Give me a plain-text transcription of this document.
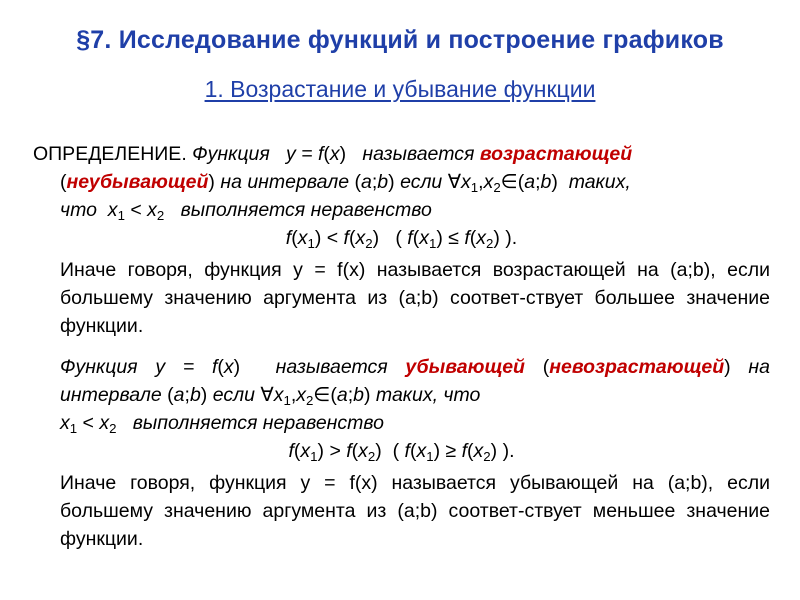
§7. Исследование функций и построение графиков
1. Возрастание и убывание функции

ОПРЕДЕЛЕНИЕ. Функция   y = f(x)   называется возрастающей

(неубывающей) на интервале (a;b) если $\forall x_1,x_2\in(a;b)$  таких,
что  $x_1 < x_2$ выполняется неравенство

$f(x_1) < f(x_2)$   ( $f(x_1) \le f(x_2)$ ).

Иначе говоря, функция y = f(x) называется возрастающей на (a;b), если большему значению аргумента из (a;b) соответ-ствует большее значение функции.

Функция y = f(x)  называется убывающей (невозрастающей) на интервале (a;b) если $\forall x_1,x_2\in(a;b)$ таких, что
$x_1 < x_2$ выполняется неравенство

$f(x_1) > f(x_2)$  ( $f(x_1) \ge f(x_2)$ ).

Иначе говоря, функция y = f(x) называется убывающей на (a;b), если большему значению аргумента из (a;b) соответ-ствует меньшее значение функции.
